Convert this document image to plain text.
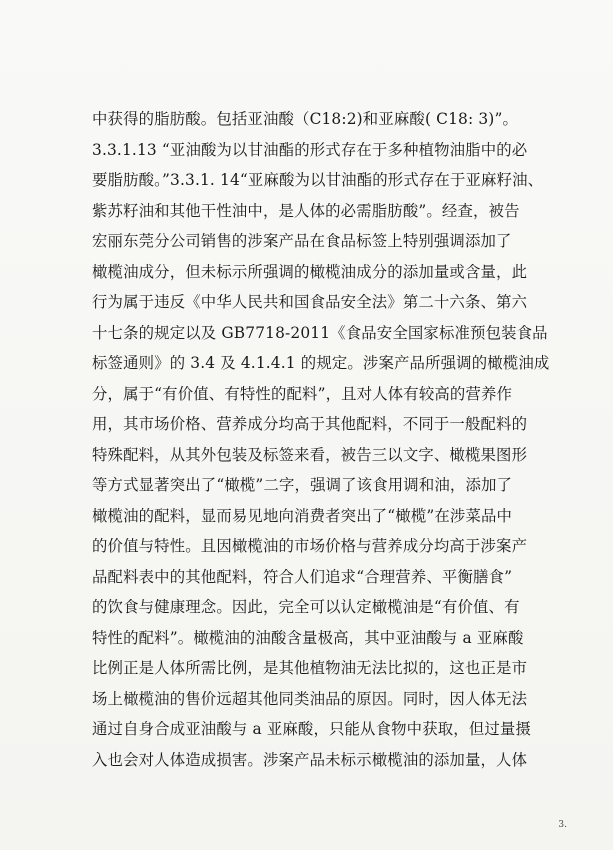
中获得的脂肪酸。包括亚油酸（C18:2)和亚麻酸( C18: 3)”。
3.3.1.13 “亚油酸为以甘油酯的形式存在于多种植物油脂中的必
要脂肪酸。”3.3.1. 14“亚麻酸为以甘油酯的形式存在于亚麻籽油、
紫苏籽油和其他干性油中，是人体的必需脂肪酸”。经查，被告
宏丽东莞分公司销售的涉案产品在食品标签上特别强调添加了
橄榄油成分，但未标示所强调的橄榄油成分的添加量或含量，此
行为属于违反《中华人民共和国食品安全法》第二十六条、第六
十七条的规定以及 GB7718-2011《食品安全国家标准预包装食品
标签通则》的 3.4 及 4.1.4.1 的规定。涉案产品所强调的橄榄油成
分，属于“有价值、有特性的配料”，且对人体有较高的营养作
用，其市场价格、营养成分均高于其他配料，不同于一般配料的
特殊配料，从其外包装及标签来看，被告三以文字、橄榄果图形
等方式显著突出了“橄榄”二字，强调了该食用调和油，添加了
橄榄油的配料，显而易见地向消费者突出了“橄榄”在涉菜品中
的价值与特性。且因橄榄油的市场价格与营养成分均高于涉案产
品配料表中的其他配料，符合人们追求“合理营养、平衡膳食”
的饮食与健康理念。因此，完全可以认定橄榄油是“有价值、有
特性的配料”。橄榄油的油酸含量极高，其中亚油酸与 a 亚麻酸
比例正是人体所需比例，是其他植物油无法比拟的，这也正是市
场上橄榄油的售价远超其他同类油品的原因。同时，因人体无法
通过自身合成亚油酸与 a 亚麻酸，只能从食物中获取，但过量摄
入也会对人体造成损害。涉案产品未标示橄榄油的添加量，人体
3.
